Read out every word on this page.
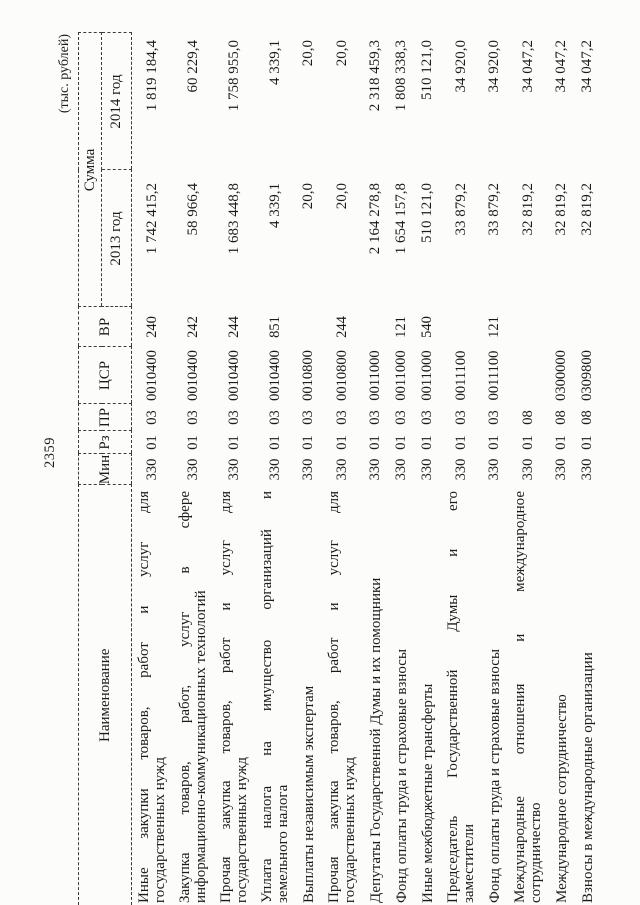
2359
(тыс. рублей)
Наименование	Мин	Рз	ПР	ЦСР	ВР	Сумма	
						2013 год	2014 год

Иные закупки товаров, работ и услуг для государственных нужд	330	01	03	0010400	240	1 742 415,2	1 819 184,4

Закупка товаров, работ, услуг в сфере информационно-коммуникационных технологий	330	01	03	0010400	242	58 966,4	60 229,4

Прочая закупка товаров, работ и услуг для государственных нужд	330	01	03	0010400	244	1 683 448,8	1 758 955,0

Уплата налога на имущество организаций и земельного налога	330	01	03	0010400	851	4 339,1	4 339,1

Выплаты независимым экспертам	330	01	03	0010800		20,0	20,0

Прочая закупка товаров, работ и услуг для государственных нужд	330	01	03	0010800	244	20,0	20,0

Депутаты Государственной Думы и их помощники	330	01	03	0011000		2 164 278,8	2 318 459,3

Фонд оплаты труда и страховые взносы	330	01	03	0011000	121	1 654 157,8	1 808 338,3

Иные межбюджетные трансферты	330	01	03	0011000	540	510 121,0	510 121,0

Председатель Государственной Думы и его заместители	330	01	03	0011100		33 879,2	34 920,0

Фонд оплаты труда и страховые взносы	330	01	03	0011100	121	33 879,2	34 920,0

Международные отношения и международное сотрудничество	330	01	08			32 819,2	34 047,2

Международное сотрудничество	330	01	08	0300000		32 819,2	34 047,2

Взносы в международные организации	330	01	08	0309800		32 819,2	34 047,2
